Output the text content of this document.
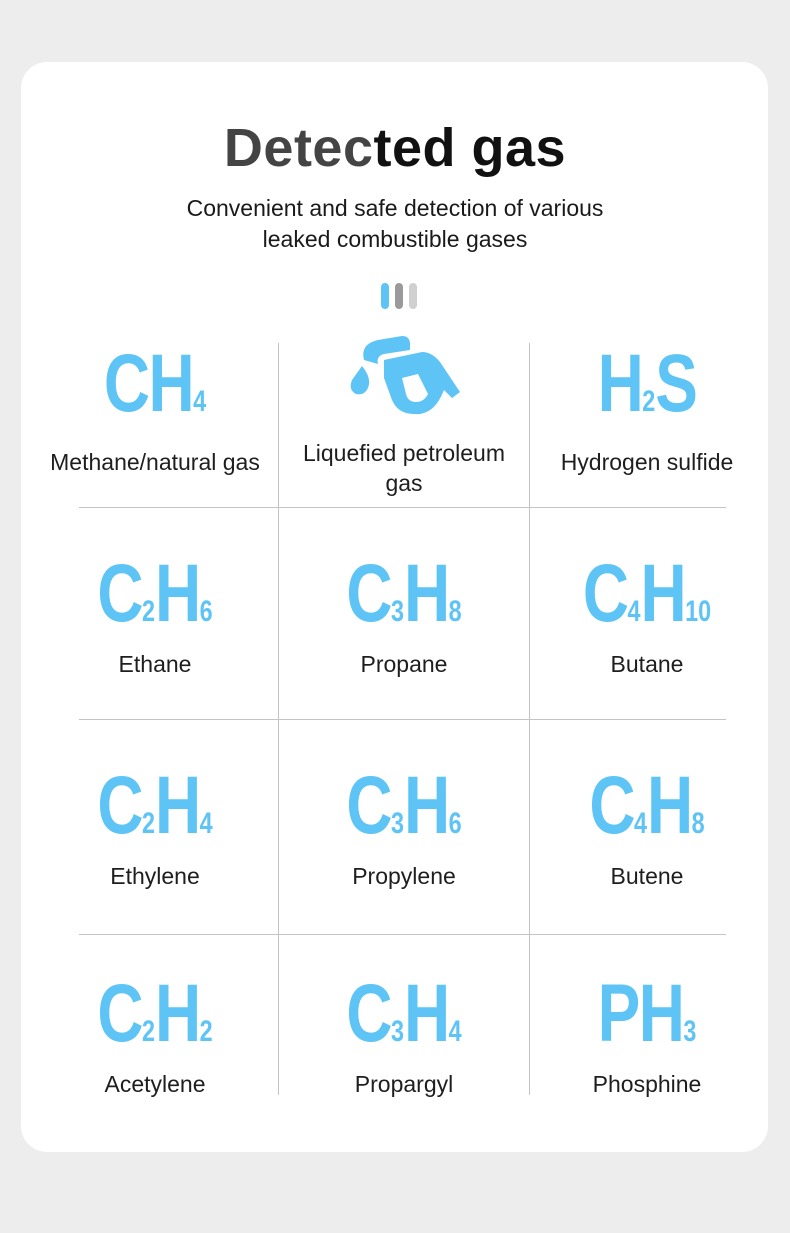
Detected gas
Convenient and safe detection of various
leaked combustible gases
CH4
Methane/natural gas	Liquefied petroleum
gas
H2S
Hydrogen sulfide
C2H6
Ethane
C3H8
Propane
C4H10
Butane
C2H4
Ethylene
C3H6
Propylene
C4H8
Butene
C2H2
Acetylene
C3H4
Propargyl
PH3
Phosphine
